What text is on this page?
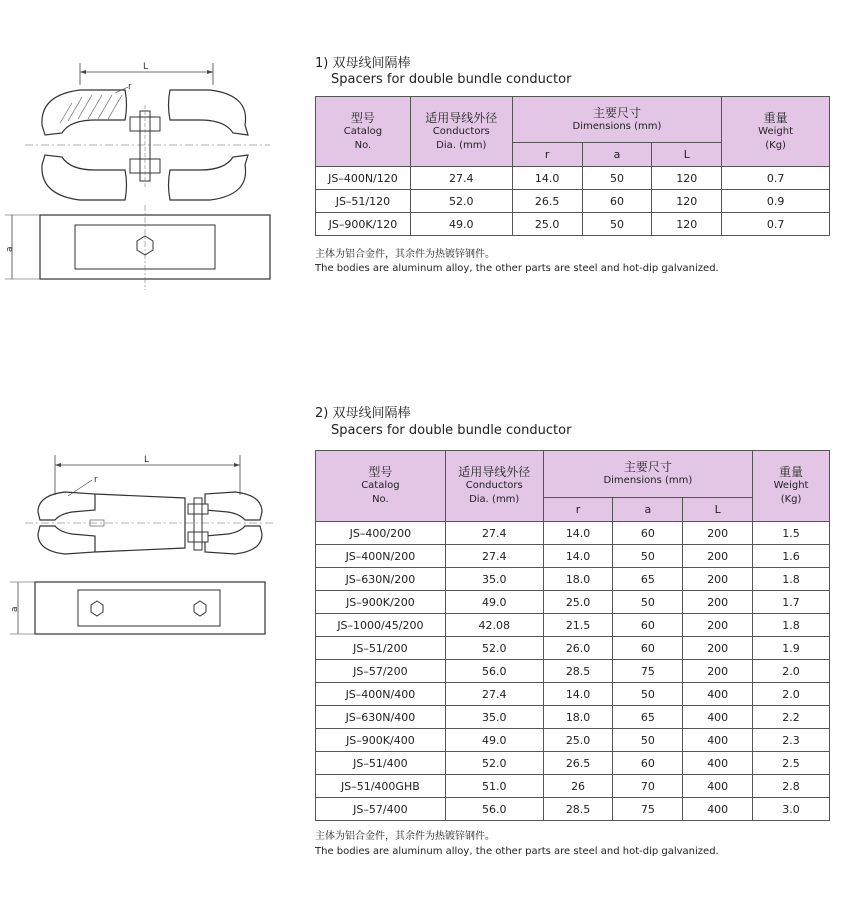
L
r
a
1) 双母线间隔棒
Spacers for double bundle conductor
型号
Catalog
No.	适用导线外径
Conductors
Dia. (mm)	主要尺寸
Dimensions (mm)			重量
Weight
(Kg)

		r	a	L	
JS–400N/120	27.4	14.0	50	120	0.7
JS–51/120	52.0	26.5	60	120	0.9
JS–900K/120	49.0	25.0	50	120	0.7
主体为铝合金件，其余件为热镀锌钢件。
The bodies are aluminum alloy, the other parts are steel and hot-dip galvanized.
L
r
a
2) 双母线间隔棒
Spacers for double bundle conductor
型号
Catalog
No.	适用导线外径
Conductors
Dia. (mm)	主要尺寸
Dimensions (mm)			重量
Weight
(Kg)

		r	a	L	
JS–400/200	27.4	14.0	60	200	1.5
JS–400N/200	27.4	14.0	50	200	1.6
JS–630N/200	35.0	18.0	65	200	1.8
JS–900K/200	49.0	25.0	50	200	1.7
JS–1000/45/200	42.08	21.5	60	200	1.8
JS–51/200	52.0	26.0	60	200	1.9
JS–57/200	56.0	28.5	75	200	2.0
JS–400N/400	27.4	14.0	50	400	2.0
JS–630N/400	35.0	18.0	65	400	2.2
JS–900K/400	49.0	25.0	50	400	2.3
JS–51/400	52.0	26.5	60	400	2.5
JS–51/400GHB	51.0	26	70	400	2.8
JS–57/400	56.0	28.5	75	400	3.0
主体为铝合金件，其余件为热镀锌钢件。
The bodies are aluminum alloy, the other parts are steel and hot-dip galvanized.
